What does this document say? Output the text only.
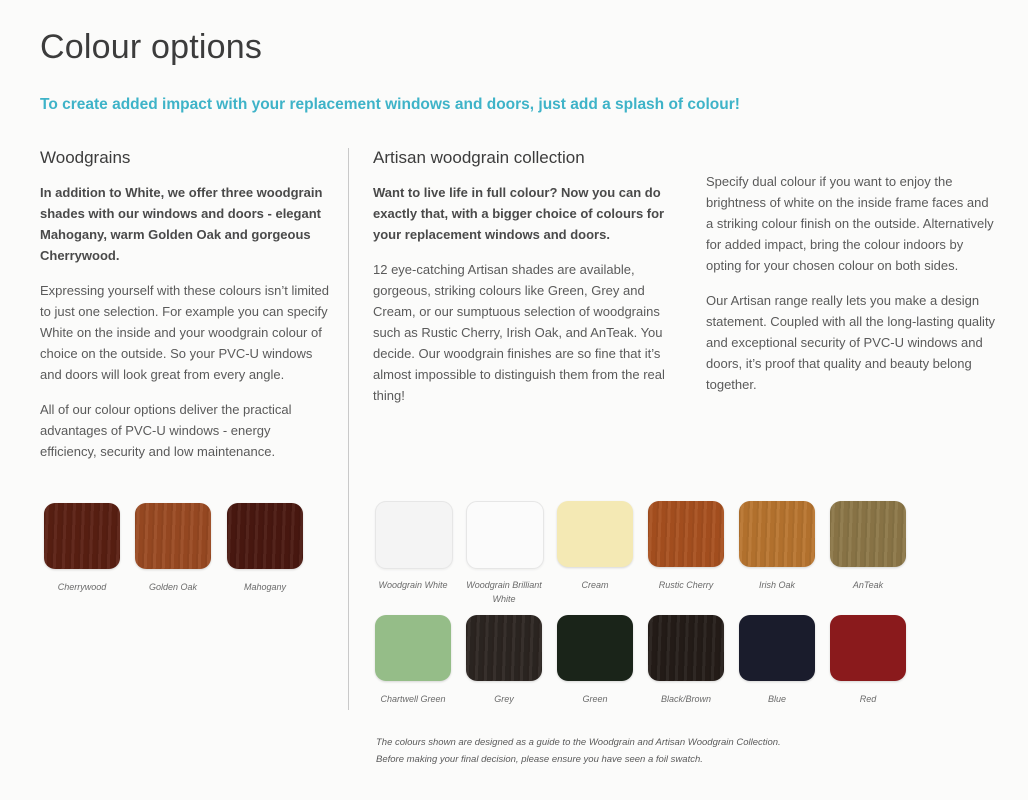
Colour options

To create added impact with your replacement windows and doors, just add a splash of colour!

Woodgrains

In addition to White, we offer three woodgrain shades with our windows and doors - elegant Mahogany, warm Golden Oak and gorgeous Cherrywood.

Expressing yourself with these colours isn’t limited to just one selection. For example you can specify White on the inside and your woodgrain colour of choice on the outside. So your PVC-U windows and doors will look great from every angle.

All of our colour options deliver the practical advantages of PVC-U windows - energy efficiency, security and low maintenance.

Artisan woodgrain collection

Want to live life in full colour? Now you can do exactly that, with a bigger choice of colours for your replacement windows and doors.

12 eye-catching Artisan shades are available, gorgeous, striking colours like Green, Grey and Cream, or our sumptuous selection of woodgrains such as Rustic Cherry, Irish Oak, and AnTeak. You decide. Our woodgrain finishes are so fine that it’s almost impossible to distinguish them from the real thing!

Specify dual colour if you want to enjoy the brightness of white on the inside frame faces and a striking colour finish on the outside. Alternatively for added impact, bring the colour indoors by opting for your chosen colour on both sides.

Our Artisan range really lets you make a design statement. Coupled with all the long-lasting quality and exceptional security of PVC-U windows and doors, it’s proof that quality and beauty belong together.

Cherrywood	Golden Oak	Mahogany	Woodgrain White	Woodgrain Brilliant White
Cream	Rustic Cherry	Irish Oak	AnTeak
Chartwell Green	Grey	Green	Black/Brown	Blue	Red
The colours shown are designed as a guide to the Woodgrain and Artisan Woodgrain Collection.
Before making your final decision, please ensure you have seen a foil swatch.
